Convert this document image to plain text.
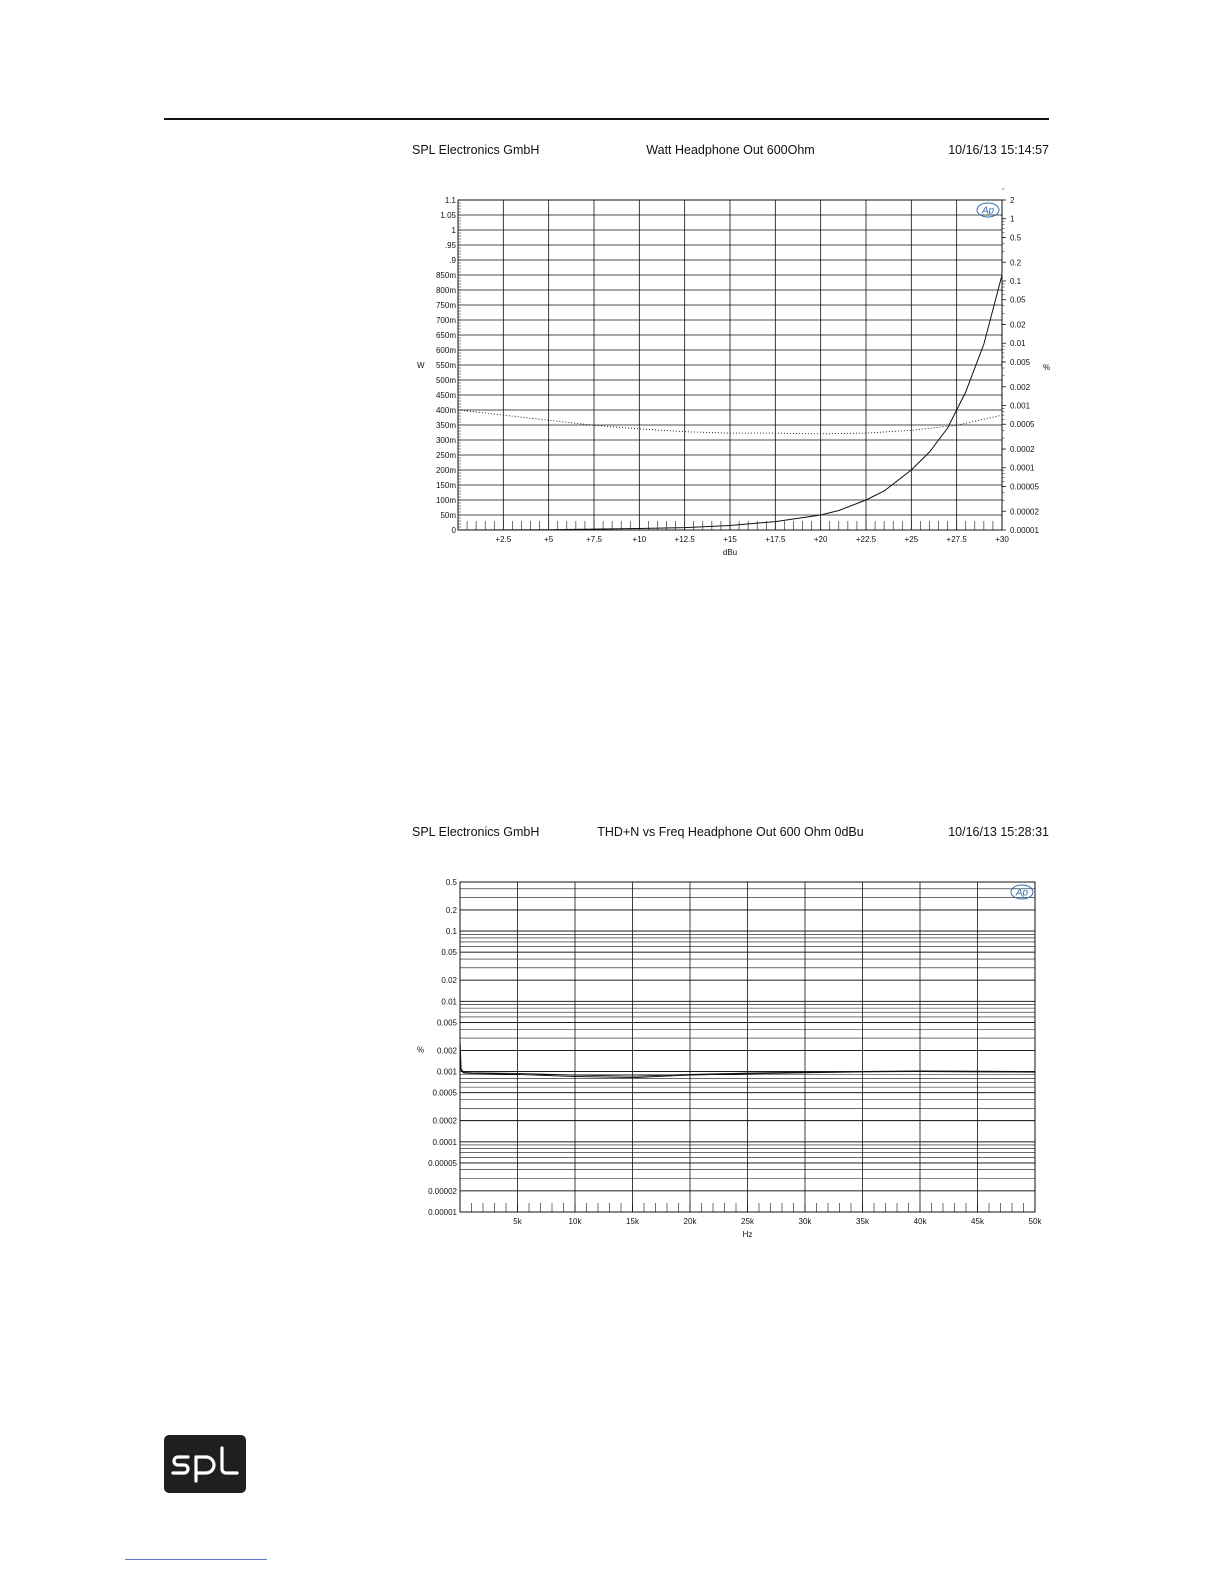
SPL Electronics GmbH	Watt Headphone Out 600Ohm	10/16/13 15:14:57
+2.5	+5	+7.5	+10	+12.5	+15	+17.5	+20	+22.5	+25	+27.5	+30
0
50m
100m
150m
200m
250m
300m
350m
400m
450m
500m
550m
600m
650m
700m
750m
800m
850m
.9
.95
1
1.05
1.1	2
1
0.5
0.2
0.1
0.05
0.02
0.01
0.005
0.002
0.001
0.0005
0.0002
0.0001
0.00005
0.00002
0.00001
dBu
W	%
Ap
SPL Electronics GmbH	THD+N vs Freq Headphone Out 600 Ohm 0dBu	10/16/13 15:28:31
5k	10k	15k	20k	25k	30k	35k	40k	45k	50k
0.5
0.2
0.1
0.05
0.02
0.01
0.005
0.002
0.001
0.0005
0.0002
0.0001
0.00005
0.00002
0.00001
Hz
%
Ap
